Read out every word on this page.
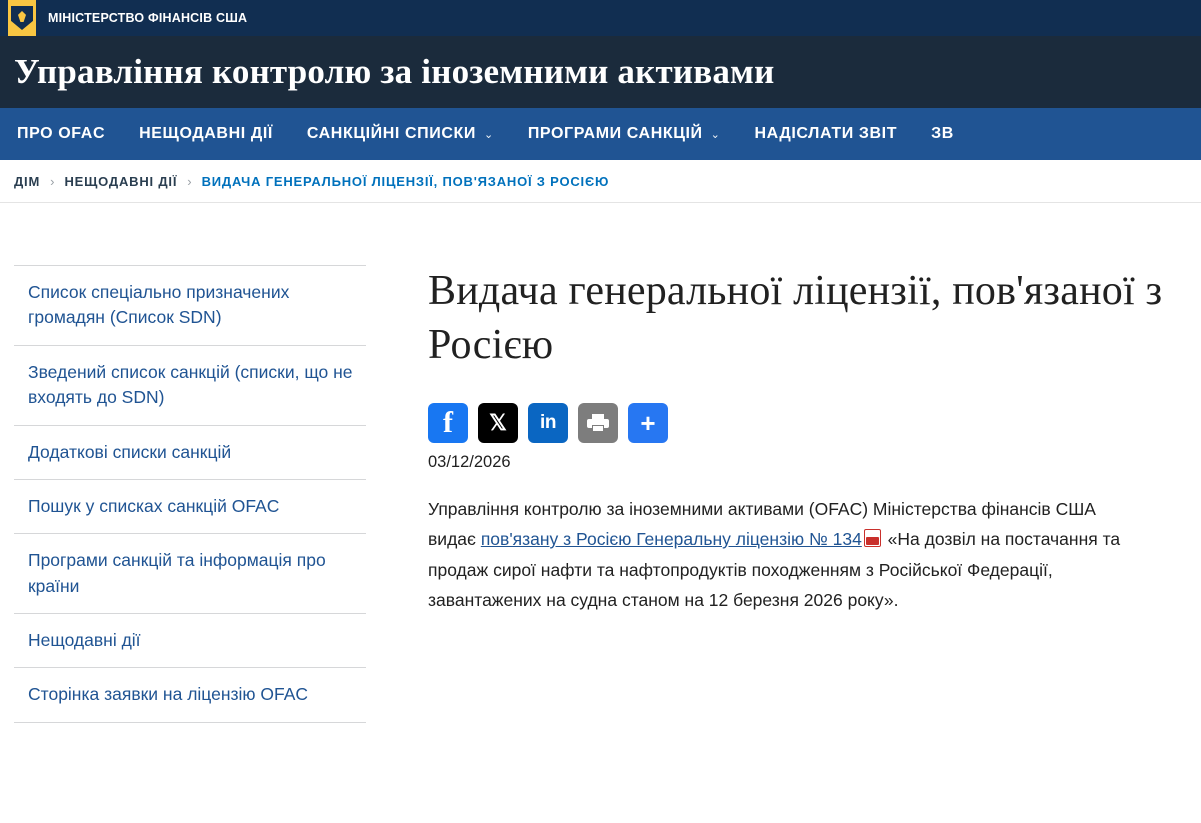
МІНІСТЕРСТВО ФІНАНСІВ США
Управління контролю за іноземними активами
ПРО OFAC НЕЩОДАВНІ ДІЇ САНКЦІЙНІ СПИСКИ ⌄ ПРОГРАМИ САНКЦІЙ ⌄ НАДІСЛАТИ ЗВІТ ЗВ
ДІМ › НЕЩОДАВНІ ДІЇ › ВИДАЧА ГЕНЕРАЛЬНОЇ ЛІЦЕНЗІЇ, ПОВ'ЯЗАНОЇ З РОСІЄЮ
Список спеціально призначених громадян (Список SDN)
Зведений список санкцій (списки, що не входять до SDN)
Додаткові списки санкцій
Пошук у списках санкцій OFAC
Програми санкцій та інформація про країни
Нещодавні дії
Сторінка заявки на ліцензію OFAC
Видача генеральної ліцензії, пов'язаної з Росією
f	𝕏	in	+
03/12/2026

Управління контролю за іноземними активами (OFAC) Міністерства фінансів США видає пов'язану з Росією Генеральну ліцензію № 134 «На дозвіл на постачання та продаж сирої нафти та нафтопродуктів походженням з Російської Федерації, завантажених на судна станом на 12 березня 2026 року».
